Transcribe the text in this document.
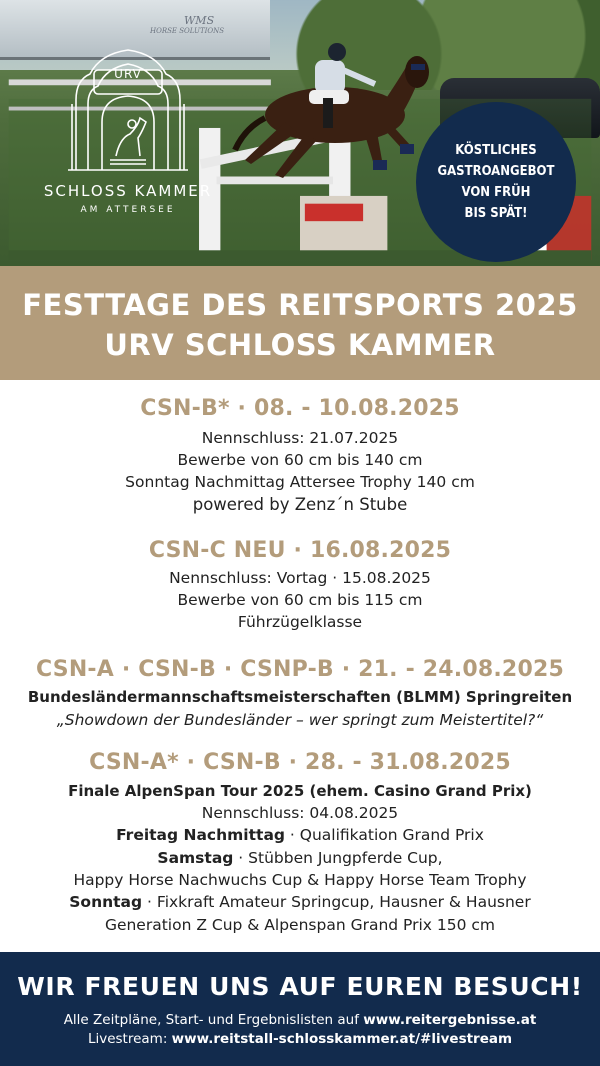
WMS
HORSE SOLUTIONS
URV
SCHLOSS KAMMER
AM ATTERSEE
KÖSTLICHES
GASTROANGEBOT
VON FRÜH
BIS SPÄT!
FESTTAGE DES REITSPORTS 2025
URV SCHLOSS KAMMER
CSN-B* · 08. - 10.08.2025
Nennschluss: 21.07.2025
Bewerbe von 60 cm bis 140 cm
Sonntag Nachmittag Attersee Trophy 140 cm
powered by Zenz´n Stube
CSN-C NEU · 16.08.2025
Nennschluss: Vortag · 15.08.2025
Bewerbe von 60 cm bis 115 cm
Führzügelklasse
CSN-A · CSN-B · CSNP-B · 21. - 24.08.2025
Bundesländermannschaftsmeisterschaften (BLMM) Springreiten
„Showdown der Bundesländer – wer springt zum Meistertitel?“
CSN-A* · CSN-B · 28. - 31.08.2025
Finale AlpenSpan Tour 2025 (ehem. Casino Grand Prix)
Nennschluss: 04.08.2025
Freitag Nachmittag · Qualifikation Grand Prix
Samstag · Stübben Jungpferde Cup,
Happy Horse Nachwuchs Cup & Happy Horse Team Trophy
Sonntag · Fixkraft Amateur Springcup, Hausner & Hausner
Generation Z Cup & Alpenspan Grand Prix 150 cm
WIR FREUEN UNS AUF EUREN BESUCH!
Alle Zeitpläne, Start- und Ergebnislisten auf www.reitergebnisse.at
Livestream: www.reitstall-schlosskammer.at/#livestream
